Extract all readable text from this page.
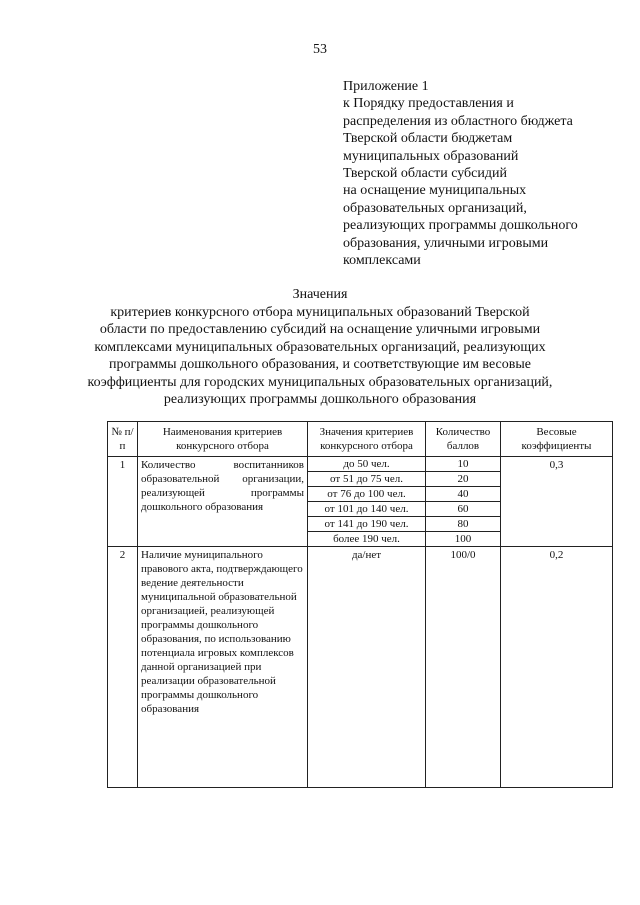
53
Приложение 1
к Порядку предоставления и
распределения из областного бюджета
Тверской области бюджетам
муниципальных образований
Тверской области субсидий
на оснащение муниципальных
образовательных организаций,
реализующих программы дошкольного
образования, уличными игровыми
комплексами
Значения
критериев конкурсного отбора муниципальных образований Тверской
области по предоставлению субсидий на оснащение уличными игровыми
комплексами муниципальных образовательных организаций, реализующих
программы дошкольного образования, и соответствующие им весовые
коэффициенты для городских муниципальных образовательных организаций,
реализующих программы дошкольного образования
№ п/п	Наименования критериев конкурсного отбора	Значения критериев конкурсного отбора	Количество баллов	Весовые коэффициенты
1	Количество воспитанников образовательной организации, реализующей программы дошкольного образования	до 50 чел.	10	0,3
		от 51 до 75 чел.	20	
		от 76 до 100 чел.	40	
		от 101 до 140 чел.	60	
		от 141 до 190 чел.	80	
		более 190 чел.	100	
2	Наличие муниципального правового акта, подтверждающего ведение деятельности муниципальной образовательной организацией, реализующей программы дошкольного образования, по использованию потенциала игровых комплексов данной организацией при реализации образовательной программы дошкольного образования	да/нет	100/0	0,2
